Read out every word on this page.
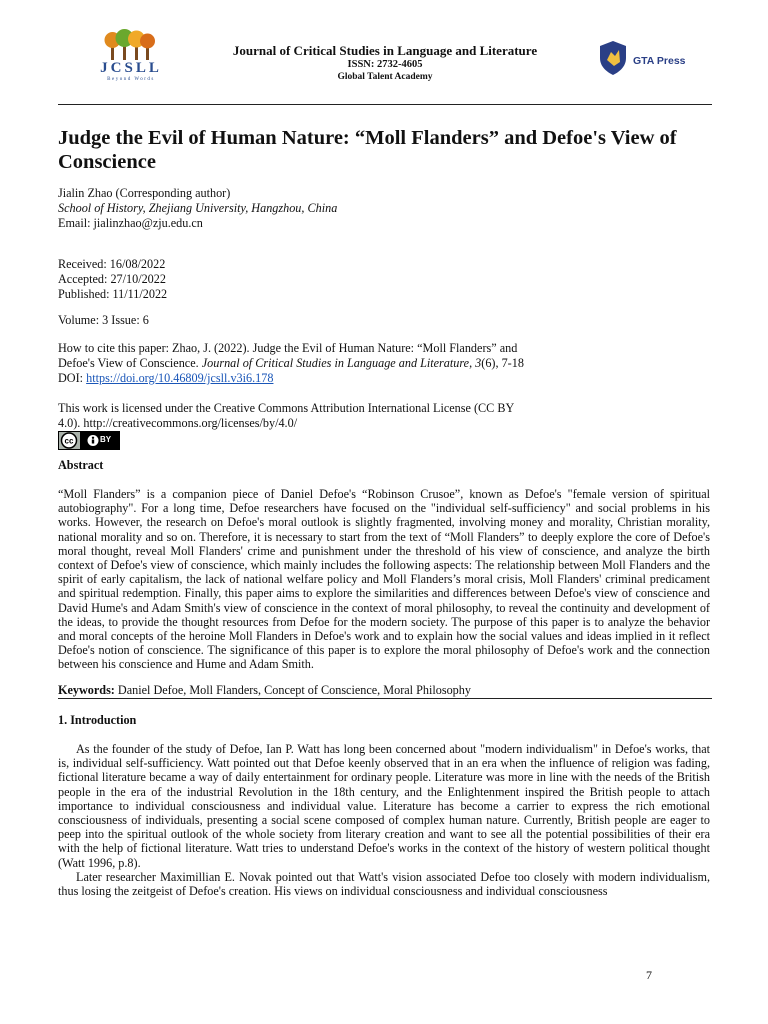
JCSLL
Beyond Words
Journal of Critical Studies in Language and Literature
ISSN: 2732-4605
Global Talent Academy
GTA Press
Judge the Evil of Human Nature: “Moll Flanders” and Defoe's View of Conscience
Jialin Zhao (Corresponding author)
School of History, Zhejiang University, Hangzhou, China
Email: jialinzhao@zju.edu.cn
Received: 16/08/2022
Accepted: 27/10/2022
Published: 11/11/2022
Volume: 3 Issue: 6
How to cite this paper: Zhao, J. (2022). Judge the Evil of Human Nature: “Moll Flanders” and Defoe's View of Conscience. Journal of Critical Studies in Language and Literature, 3(6), 7-18 DOI: https://doi.org/10.46809/jcsll.v3i6.178
This work is licensed under the Creative Commons Attribution International License (CC BY 4.0). http://creativecommons.org/licenses/by/4.0/
cc	BY
Abstract
“Moll Flanders” is a companion piece of Daniel Defoe's “Robinson Crusoe”, known as Defoe's "female version of spiritual autobiography". For a long time, Defoe researchers have focused on the "individual self-sufficiency" and social problems in his works. However, the research on Defoe's moral outlook is slightly fragmented, involving money and morality, Christian morality, national morality and so on. Therefore, it is necessary to start from the text of “Moll Flanders” to deeply explore the core of Defoe's moral thought, reveal Moll Flanders' crime and punishment under the threshold of his view of conscience, and analyze the birth context of Defoe's view of conscience, which mainly includes the following aspects: The relationship between Moll Flanders and the spirit of early capitalism, the lack of national welfare policy and Moll Flanders’s moral crisis, Moll Flanders' criminal predicament and spiritual redemption. Finally, this paper aims to explore the similarities and differences between Defoe's view of conscience and David Hume's and Adam Smith's view of conscience in the context of moral philosophy, to reveal the continuity and development of the ideas, to provide the thought resources from Defoe for the modern society. The purpose of this paper is to analyze the behavior and moral concepts of the heroine Moll Flanders in Defoe's work and to explain how the social values and ideas implied in it reflect Defoe's notion of conscience. The significance of this paper is to explore the moral philosophy of Defoe's work and the connection between his conscience and Hume and Adam Smith.
Keywords: Daniel Defoe, Moll Flanders, Concept of Conscience, Moral Philosophy
1. Introduction

As the founder of the study of Defoe, Ian P. Watt has long been concerned about "modern individualism" in Defoe's works, that is, individual self-sufficiency. Watt pointed out that Defoe keenly observed that in an era when the influence of religion was fading, fictional literature became a way of daily entertainment for ordinary people. Literature was more in line with the needs of the British people in the era of the industrial Revolution in the 18th century, and the Enlightenment inspired the British people to attach importance to individual consciousness and individual value. Literature has become a carrier to express the rich emotional consciousness of individuals, presenting a social scene composed of complex human nature. Currently, British people are eager to peep into the spiritual outlook of the whole society from literary creation and want to see all the potential possibilities of their era with the help of fictional literature. Watt tries to understand Defoe's works in the context of the history of western political thought (Watt 1996, p.8).

Later researcher Maximillian E. Novak pointed out that Watt's vision associated Defoe too closely with modern individualism, thus losing the zeitgeist of Defoe's creation. His views on individual consciousness and individual consciousness

7
